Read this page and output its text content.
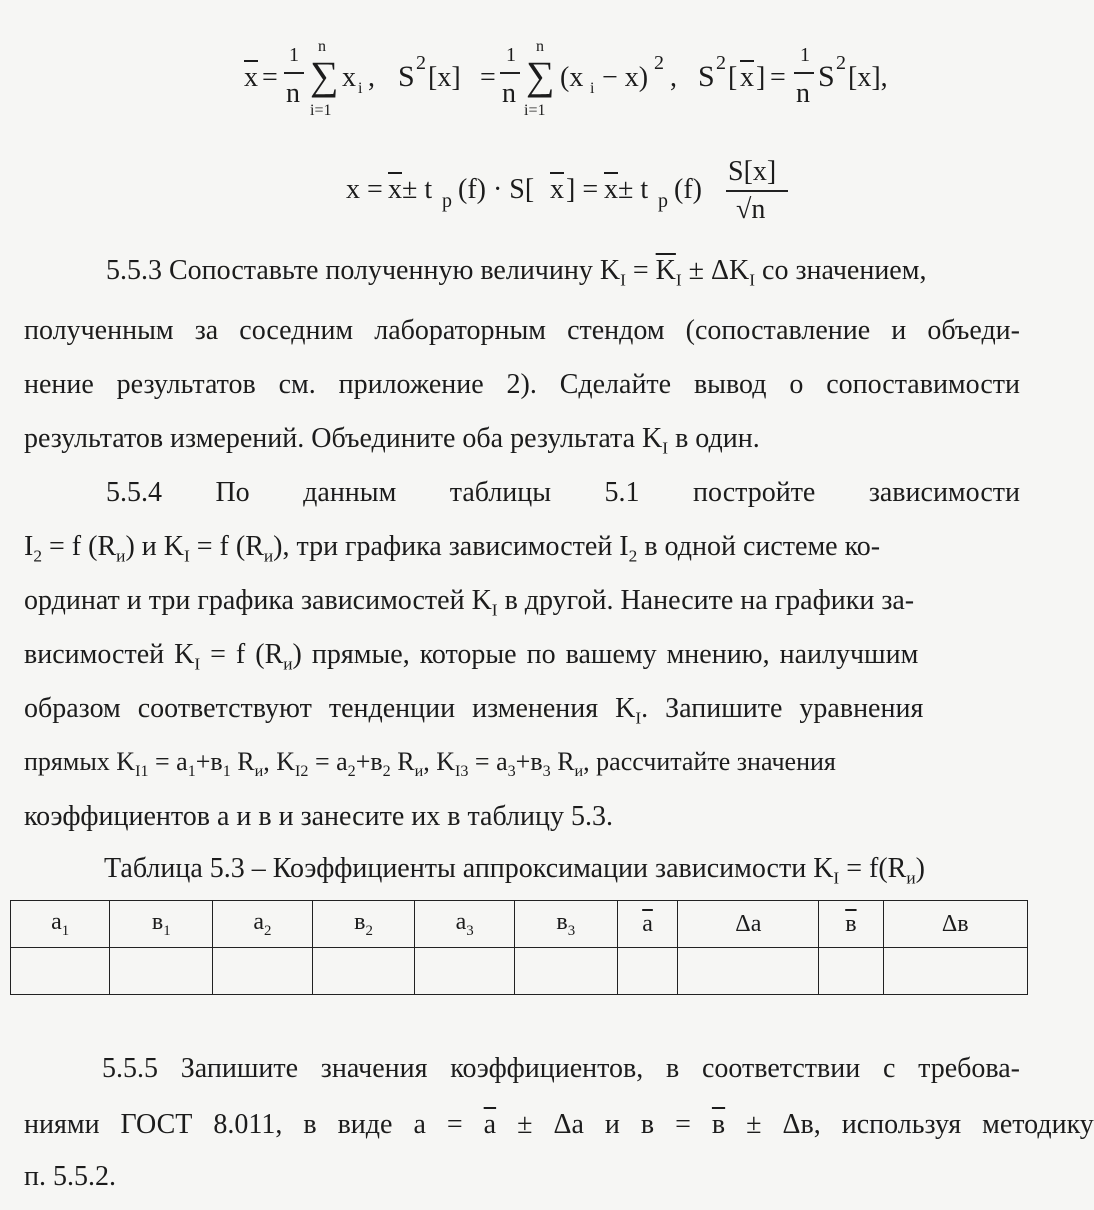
$\overline{x}$ =
1
n
n
∑
i=1
x i , S 2 [x] =
1
n
n
∑
i=1
(x i − x) 2 , S 2 [ $\overline{x}$ ] =
1
n
S 2 [x],
$x = \overline{x} \pm t$ p (f) · S[ $\overline{x}$ ] = $\overline{x} \pm t$ p (f)
S[x]
√n
5.5.3 Сопоставьте полученную величину $K_I = \overline{K}_I \pm \Delta K_I$ со значением,
полученным за соседним лабораторным стендом (сопоставление и объеди-
нение результатов см. приложение 2). Сделайте вывод о сопоставимости
результатов измерений. Объедините оба результата $K_I$ в один.
5.5.4 По данным таблицы 5.1 постройте зависимости
$I_2 = f$ $(R_и)$ и $K_I = f$ $(R_и)$, три графика зависимостей $I_2$ в одной системе ко-
ординат и три графика зависимостей $K_I$ в другой. Нанесите на графики за-
висимостей $K_I = f$ $(R_и)$ прямые, которые по вашему мнению, наилучшим
образом соответствуют тенденции изменения $K_I$. Запишите уравнения
прямых $K_{I1} = a_1+в_1$ $R_и$, $K_{I2} = a_2+в_2$ $R_и$, $K_{I3} = a_3+в_3$ $R_и$, рассчитайте значения
коэффициентов а и в и занесите их в таблицу 5.3.
Таблица 5.3 – Коэффициенты аппроксимации зависимости $K_I = f(R_и)$
$a_1$	$в_1$	$a_2$	$в_2$	$a_3$	$в_3$	$\overline{a}$	Δa	в	Δв

5.5.5 Запишите значения коэффициентов, в соответствии с требова-
ниями ГОСТ 8.011, в виде $a = \overline{a} \pm \Delta a$ и в = в ± Δв, используя методику
п. 5.5.2.
